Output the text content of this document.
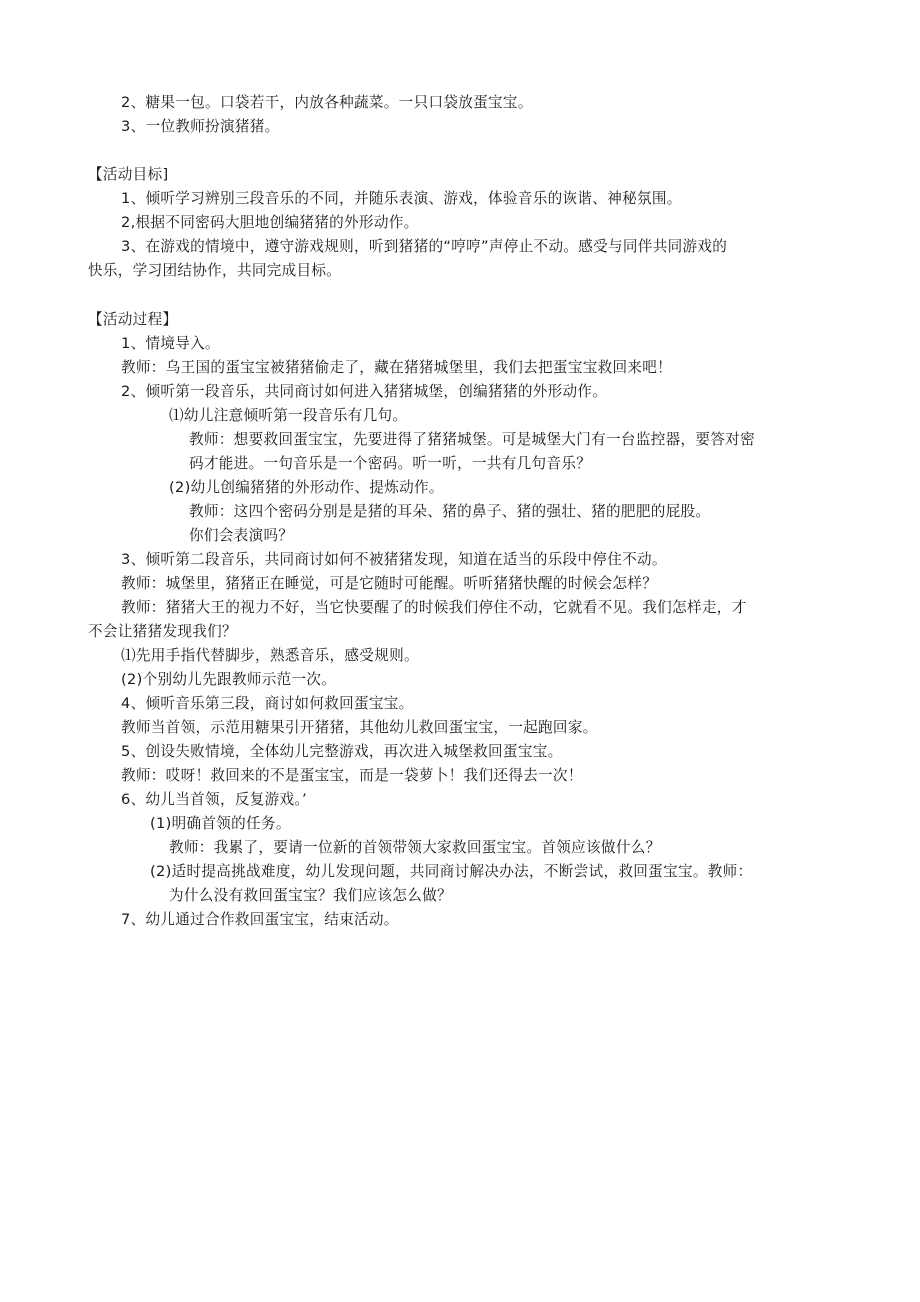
2、糖果一包。口袋若干，内放各种蔬菜。一只口袋放蛋宝宝。
3、一位教师扮演猪猪。
【活动目标]
1、倾听学习辨别三段音乐的不同，并随乐表演、游戏，体验音乐的诙谐、神秘氛围。
2,根据不同密码大胆地创编猪猪的外形动作。
3、在游戏的情境中，遵守游戏规则，听到猪猪的“哼哼”声停止不动。感受与同伴共同游戏的
快乐，学习团结协作，共同完成目标。
【活动过程】
1、情境导入。
教师：乌王国的蛋宝宝被猪猪偷走了，藏在猪猪城堡里，我们去把蛋宝宝救回来吧！
2、倾听第一段音乐，共同商讨如何进入猪猪城堡，创编猪猪的外形动作。
⑴幼儿注意倾听第一段音乐有几句。
教师：想要救回蛋宝宝，先要进得了猪猪城堡。可是城堡大门有一台监控器，要答对密
码才能进。一句音乐是一个密码。听一听，一共有几句音乐？
(2)幼儿创编猪猪的外形动作、提炼动作。
教师：这四个密码分别是是猪的耳朵、猪的鼻子、猪的强壮、猪的肥肥的屁股。
你们会表演吗？
3、倾听第二段音乐，共同商讨如何不被猪猪发现，知道在适当的乐段中停住不动。
教师：城堡里，猪猪正在睡觉，可是它随时可能醒。听听猪猪快醒的时候会怎样？
教师：猪猪大王的视力不好，当它快要醒了的时候我们停住不动，它就看不见。我们怎样走，才
不会让猪猪发现我们？
⑴先用手指代替脚步，熟悉音乐，感受规则。
(2)个别幼儿先跟教师示范一次。
4、倾听音乐第三段，商讨如何救回蛋宝宝。
教师当首领，示范用糖果引开猪猪，其他幼儿救回蛋宝宝，一起跑回家。
5、创设失败情境，全体幼儿完整游戏，再次进入城堡救回蛋宝宝。
教师：哎呀！救回来的不是蛋宝宝，而是一袋萝卜！我们还得去一次！
6、幼儿当首领，反复游戏。’
(1)明确首领的任务。
教师：我累了，要请一位新的首领带领大家救回蛋宝宝。首领应该做什么？
(2)适时提高挑战难度，幼儿发现问题，共同商讨解决办法，不断尝试，救回蛋宝宝。教师：
为什么没有救回蛋宝宝？我们应该怎么做？
7、幼儿通过合作救回蛋宝宝，结束活动。
